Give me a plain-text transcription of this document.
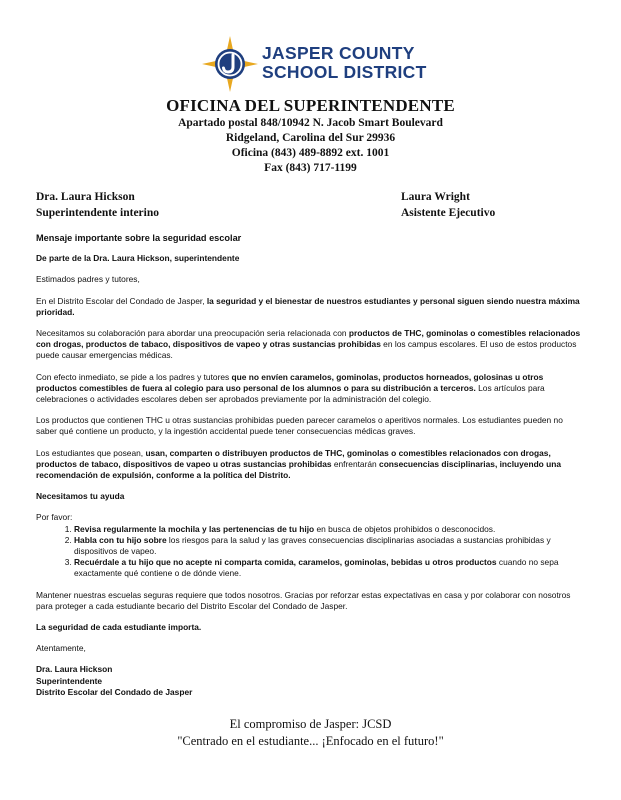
JASPER COUNTY
SCHOOL DISTRICT
OFICINA DEL SUPERINTENDENTE
Apartado postal 848/10942 N. Jacob Smart Boulevard
Ridgeland, Carolina del Sur 29936
Oficina (843) 489-8892 ext. 1001
Fax (843) 717-1199
Dra. Laura Hickson
Superintendente interino
Laura Wright
Asistente Ejecutivo

Mensaje importante sobre la seguridad escolar

De parte de la Dra. Laura Hickson, superintendente

Estimados padres y tutores,

En el Distrito Escolar del Condado de Jasper, la seguridad y el bienestar de nuestros estudiantes y personal siguen siendo nuestra máxima prioridad.

Necesitamos su colaboración para abordar una preocupación seria relacionada con productos de THC, gominolas o comestibles relacionados con drogas, productos de tabaco, dispositivos de vapeo y otras sustancias prohibidas en los campus escolares. El uso de estos productos puede causar emergencias médicas.

Con efecto inmediato, se pide a los padres y tutores que no envíen caramelos, gominolas, productos horneados, golosinas u otros productos comestibles de fuera al colegio para uso personal de los alumnos o para su distribución a terceros. Los artículos para celebraciones o actividades escolares deben ser aprobados previamente por la administración del colegio.

Los productos que contienen THC u otras sustancias prohibidas pueden parecer caramelos o aperitivos normales. Los estudiantes pueden no saber qué contiene un producto, y la ingestión accidental puede tener consecuencias médicas graves.

Los estudiantes que posean, usan, comparten o distribuyen productos de THC, gominolas o comestibles relacionados con drogas, productos de tabaco, dispositivos de vapeo u otras sustancias prohibidas enfrentarán consecuencias disciplinarias, incluyendo una recomendación de expulsión, conforme a la política del Distrito.

Necesitamos tu ayuda

Por favor:

1. Revisa regularmente la mochila y las pertenencias de tu hijo en busca de objetos prohibidos o desconocidos.
2. Habla con tu hijo sobre los riesgos para la salud y las graves consecuencias disciplinarias asociadas a sustancias prohibidas y dispositivos de vapeo.
3. Recuérdale a tu hijo que no acepte ni comparta comida, caramelos, gominolas, bebidas u otros productos cuando no sepa exactamente qué contiene o de dónde viene.

Mantener nuestras escuelas seguras requiere que todos nosotros. Gracias por reforzar estas expectativas en casa y por colaborar con nosotros para proteger a cada estudiante becario del Distrito Escolar del Condado de Jasper.

La seguridad de cada estudiante importa.

Atentamente,

Dra. Laura Hickson

Superintendente

Distrito Escolar del Condado de Jasper

El compromiso de Jasper: JCSD
"Centrado en el estudiante... ¡Enfocado en el futuro!"
